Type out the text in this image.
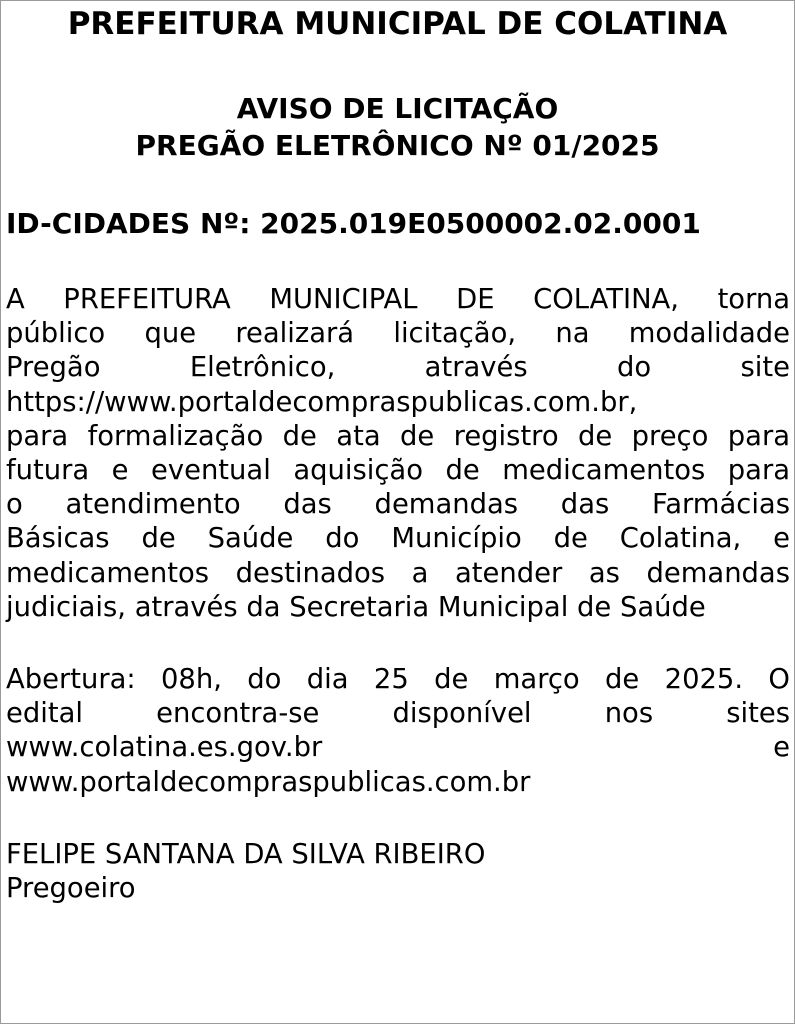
PREFEITURA MUNICIPAL DE COLATINA
AVISO DE LICITAÇÃO
PREGÃO ELETRÔNICO Nº 01/2025
ID-CIDADES Nº: 2025.019E0500002.02.0001
A PREFEITURA MUNICIPAL DE COLATINA, torna
público que realizará licitação, na modalidade
Pregão Eletrônico, através do site
https://www.portaldecompraspublicas.com.br,
para formalização de ata de registro de preço para
futura e eventual aquisição de medicamentos para
o atendimento das demandas das Farmácias
Básicas de Saúde do Município de Colatina, e
medicamentos destinados a atender as demandas
judiciais, através da Secretaria Municipal de Saúde
Abertura: 08h, do dia 25 de março de 2025. O
edital encontra-se disponível nos sites
www.colatina.es.gov.br e
www.portaldecompraspublicas.com.br
FELIPE SANTANA DA SILVA RIBEIRO
Pregoeiro
